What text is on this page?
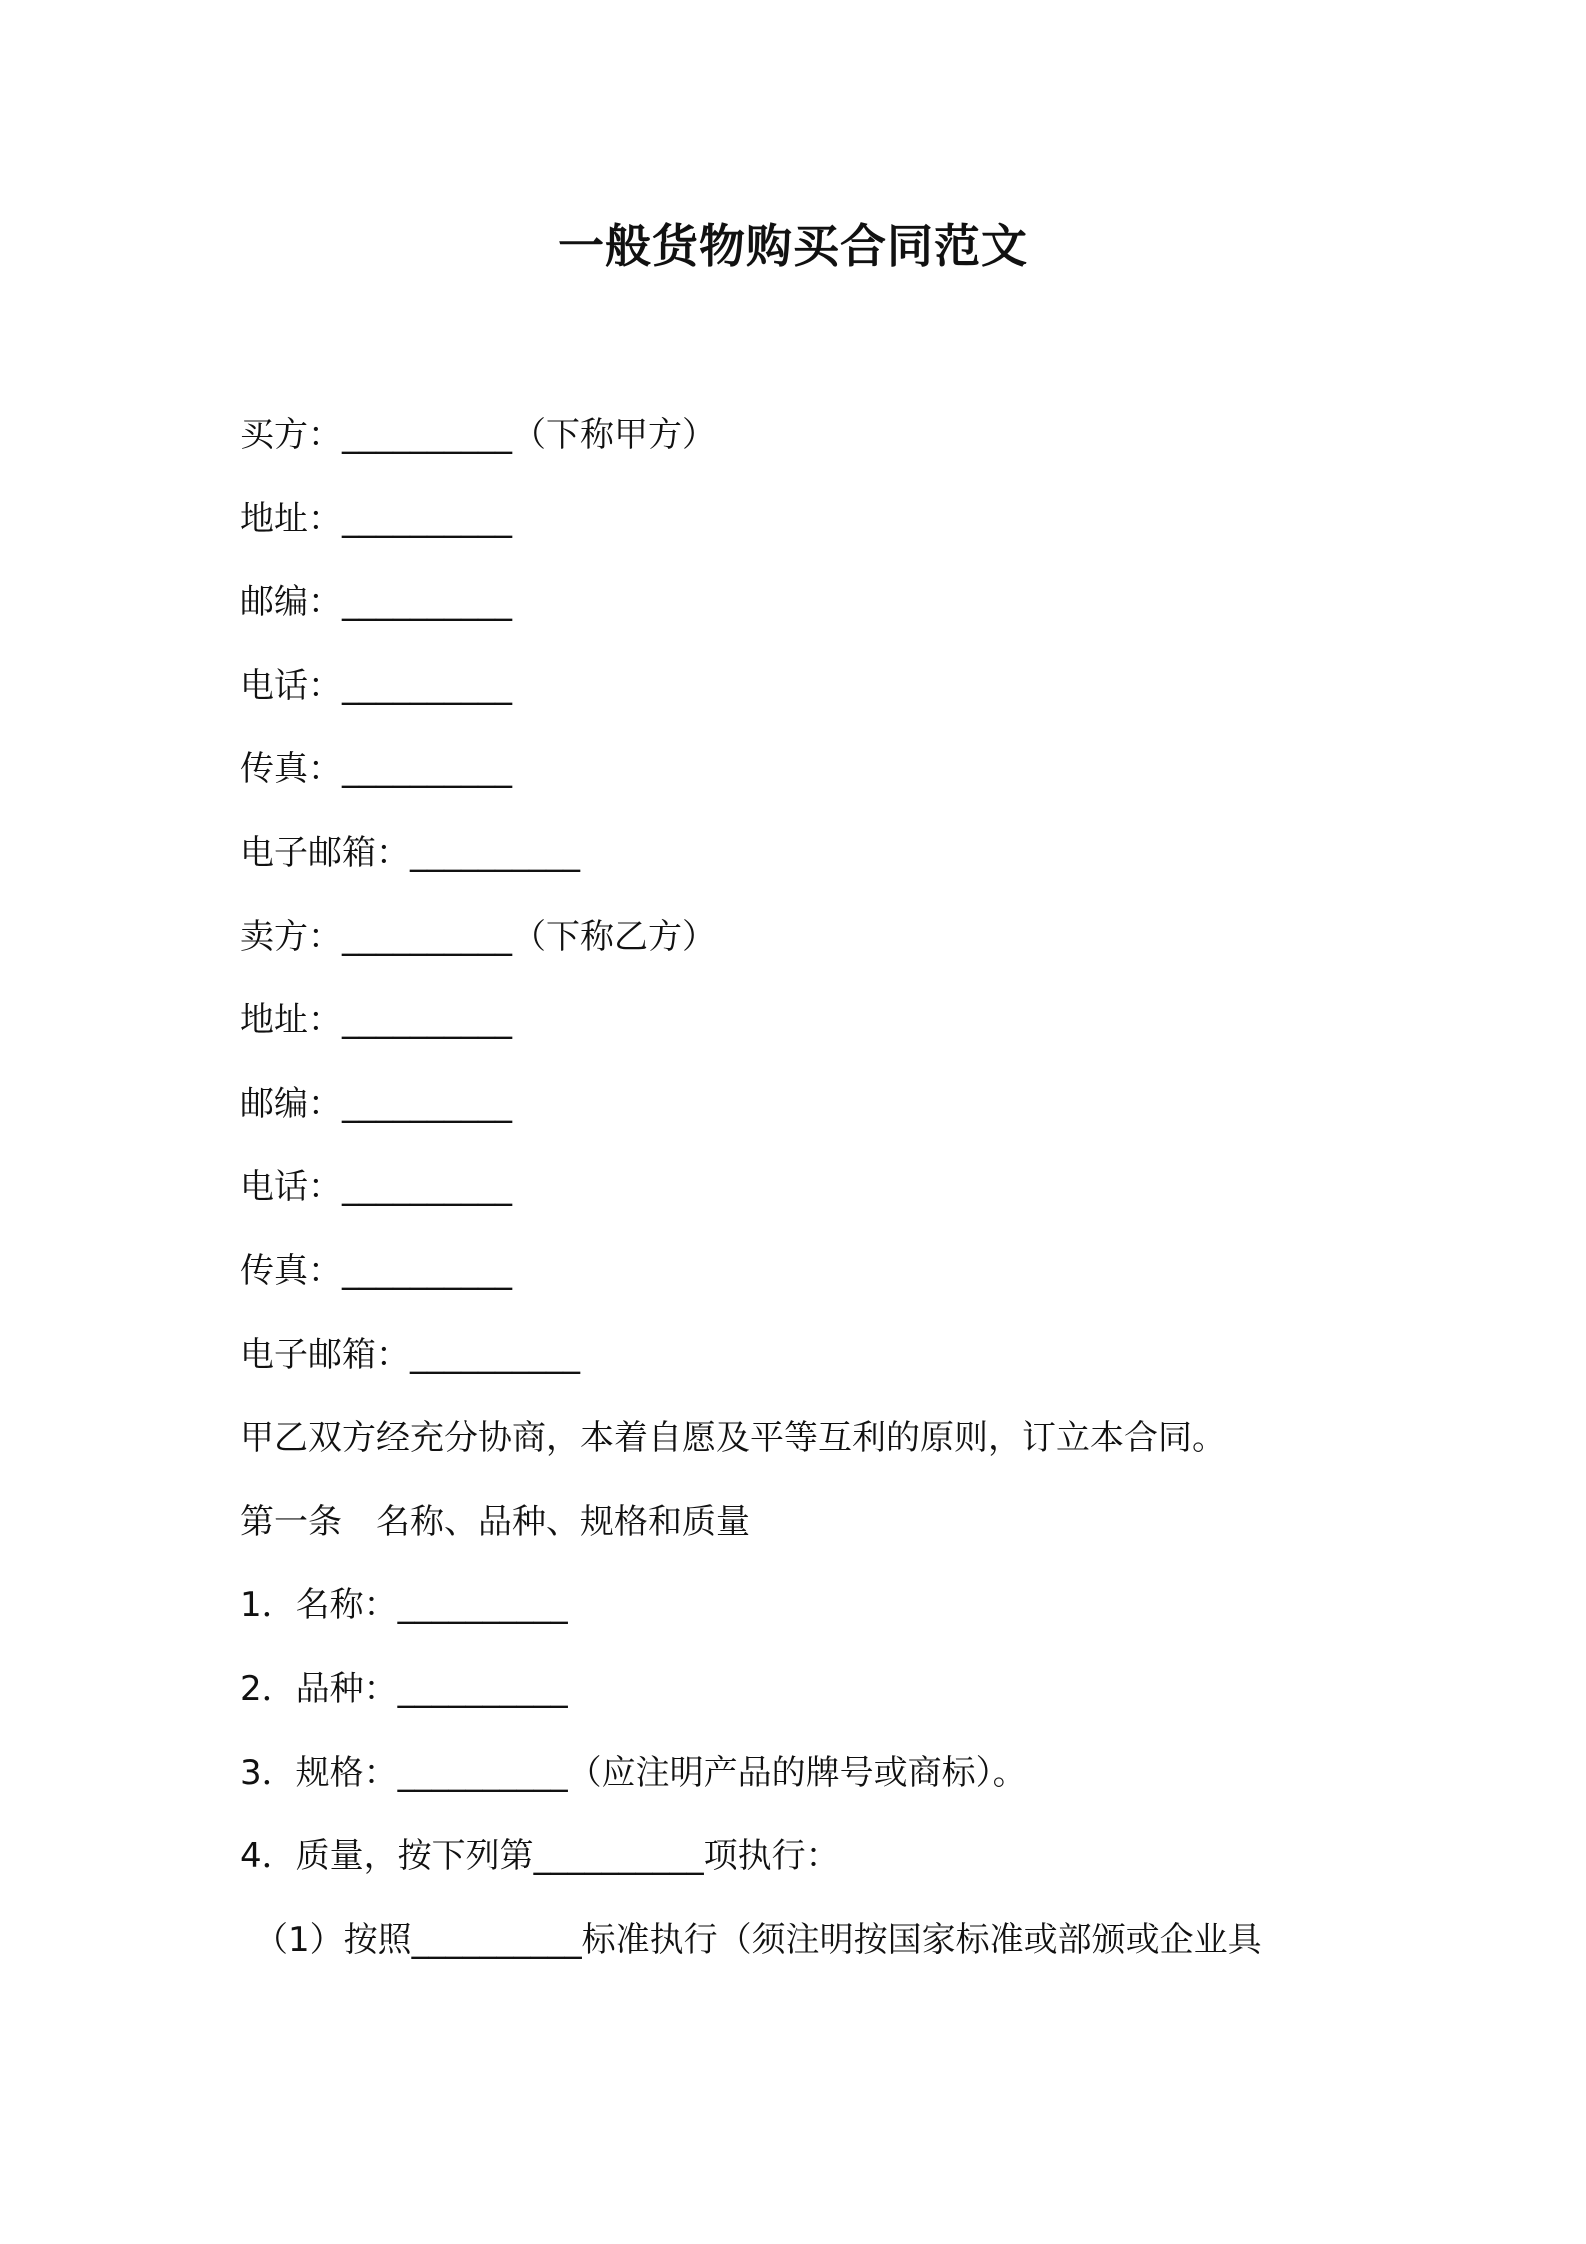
一般货物购买合同范文
买方：__________（下称甲方）
地址：__________
邮编：__________
电话：__________
传真：__________
电子邮箱：__________
卖方：__________（下称乙方）
地址：__________
邮编：__________
电话：__________
传真：__________
电子邮箱：__________
甲乙双方经充分协商，本着自愿及平等互利的原则，订立本合同。
第一条　名称、品种、规格和质量
1．名称：__________
2．品种：__________
3．规格：__________（应注明产品的牌号或商标）。
4．质量，按下列第__________项执行：
（1）按照__________标准执行（须注明按国家标准或部颁或企业具
